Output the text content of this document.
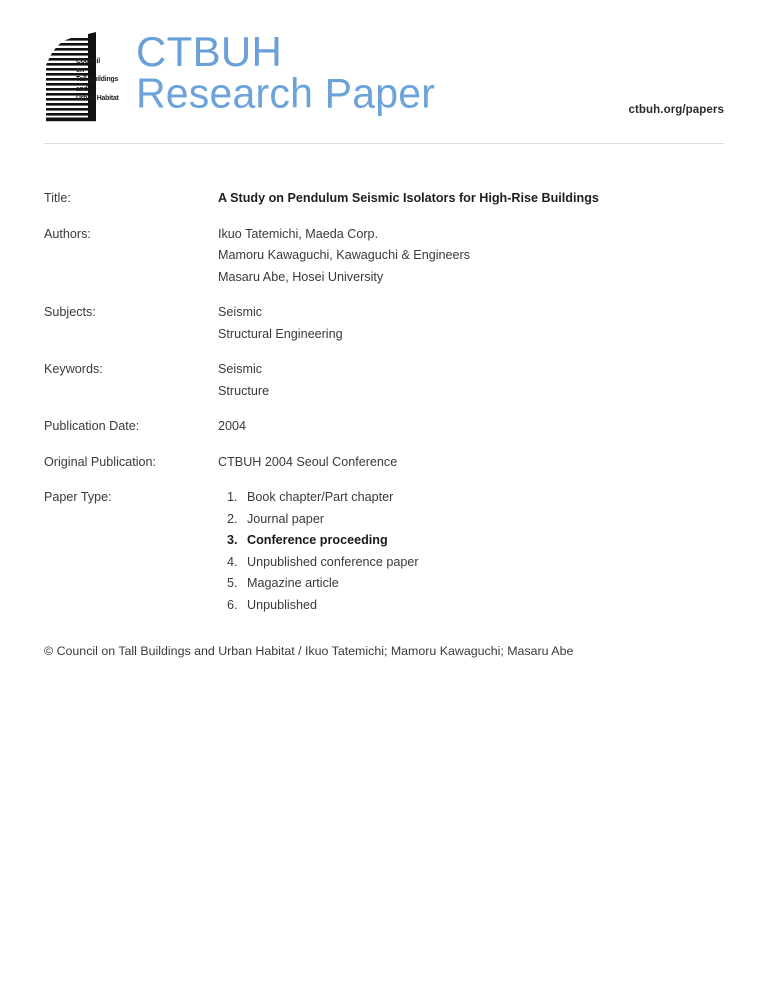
Council
on
Tall Buildings
and
Urban Habitat
CTBUH
Research Paper	ctbuh.org/papers
Title:	A Study on Pendulum Seismic Isolators for High-Rise Buildings
Authors:	Ikuo Tatemichi, Maeda Corp.
Mamoru Kawaguchi, Kawaguchi & Engineers
Masaru Abe, Hosei University
Subjects:	Seismic
Structural Engineering
Keywords:	Seismic
Structure
Publication Date:	2004
Original Publication:	CTBUH 2004 Seoul Conference
Paper Type:	1. Book chapter/Part chapter
2. Journal paper
3. Conference proceeding
4. Unpublished conference paper
5. Magazine article
6. Unpublished
© Council on Tall Buildings and Urban Habitat / Ikuo Tatemichi; Mamoru Kawaguchi; Masaru Abe
